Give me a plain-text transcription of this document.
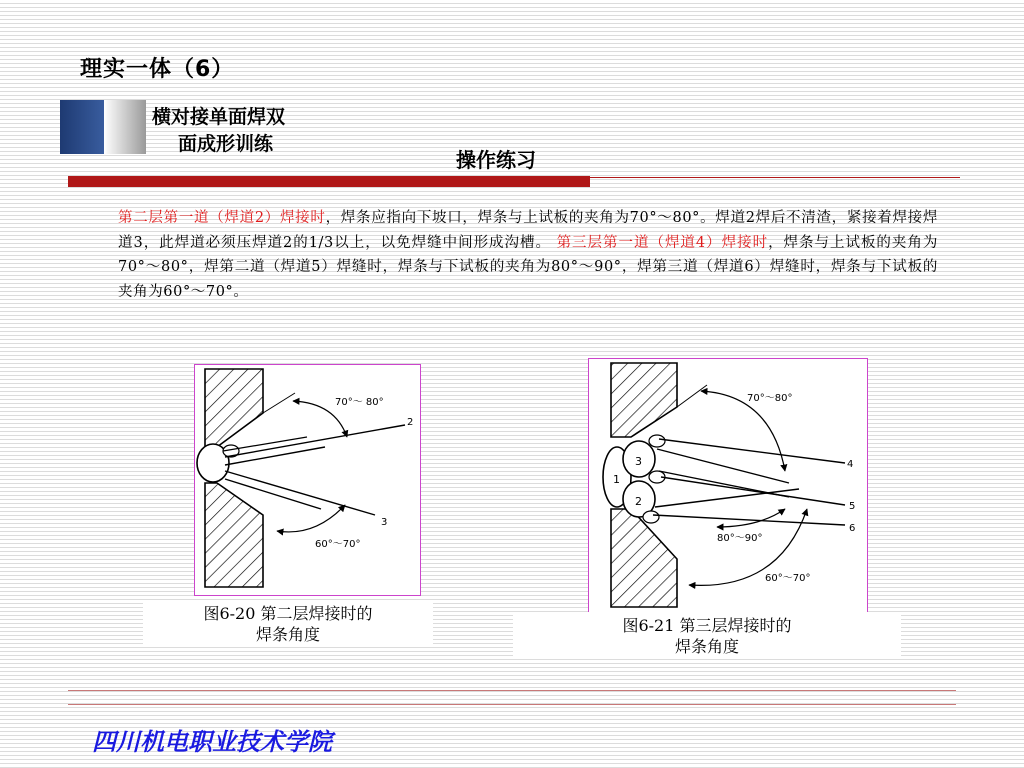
理实一体（6）
横对接单面焊双
面成形训练
操作练习
第二层第一道（焊道2）焊接时，焊条应指向下坡口，焊条与上试板的夹角为70°～80°。焊道2焊后不清渣，紧接着焊接焊道3，此焊道必须压焊道2的1/3以上，以免焊缝中间形成沟槽。 第三层第一道（焊道4）焊接时，焊条与上试板的夹角为70°～80°，焊第二道（焊道5）焊缝时，焊条与下试板的夹角为80°～90°，焊第三道（焊道6）焊缝时，焊条与下试板的夹角为60°～70°。
70°～ 80°
60°～70°
2
3
图6-20 第二层焊接时的
焊条角度
70°～80°
80°～90°
60°～70°
1
3
2
4
5
6
图6-21 第三层焊接时的
焊条角度
四川机电职业技术学院
